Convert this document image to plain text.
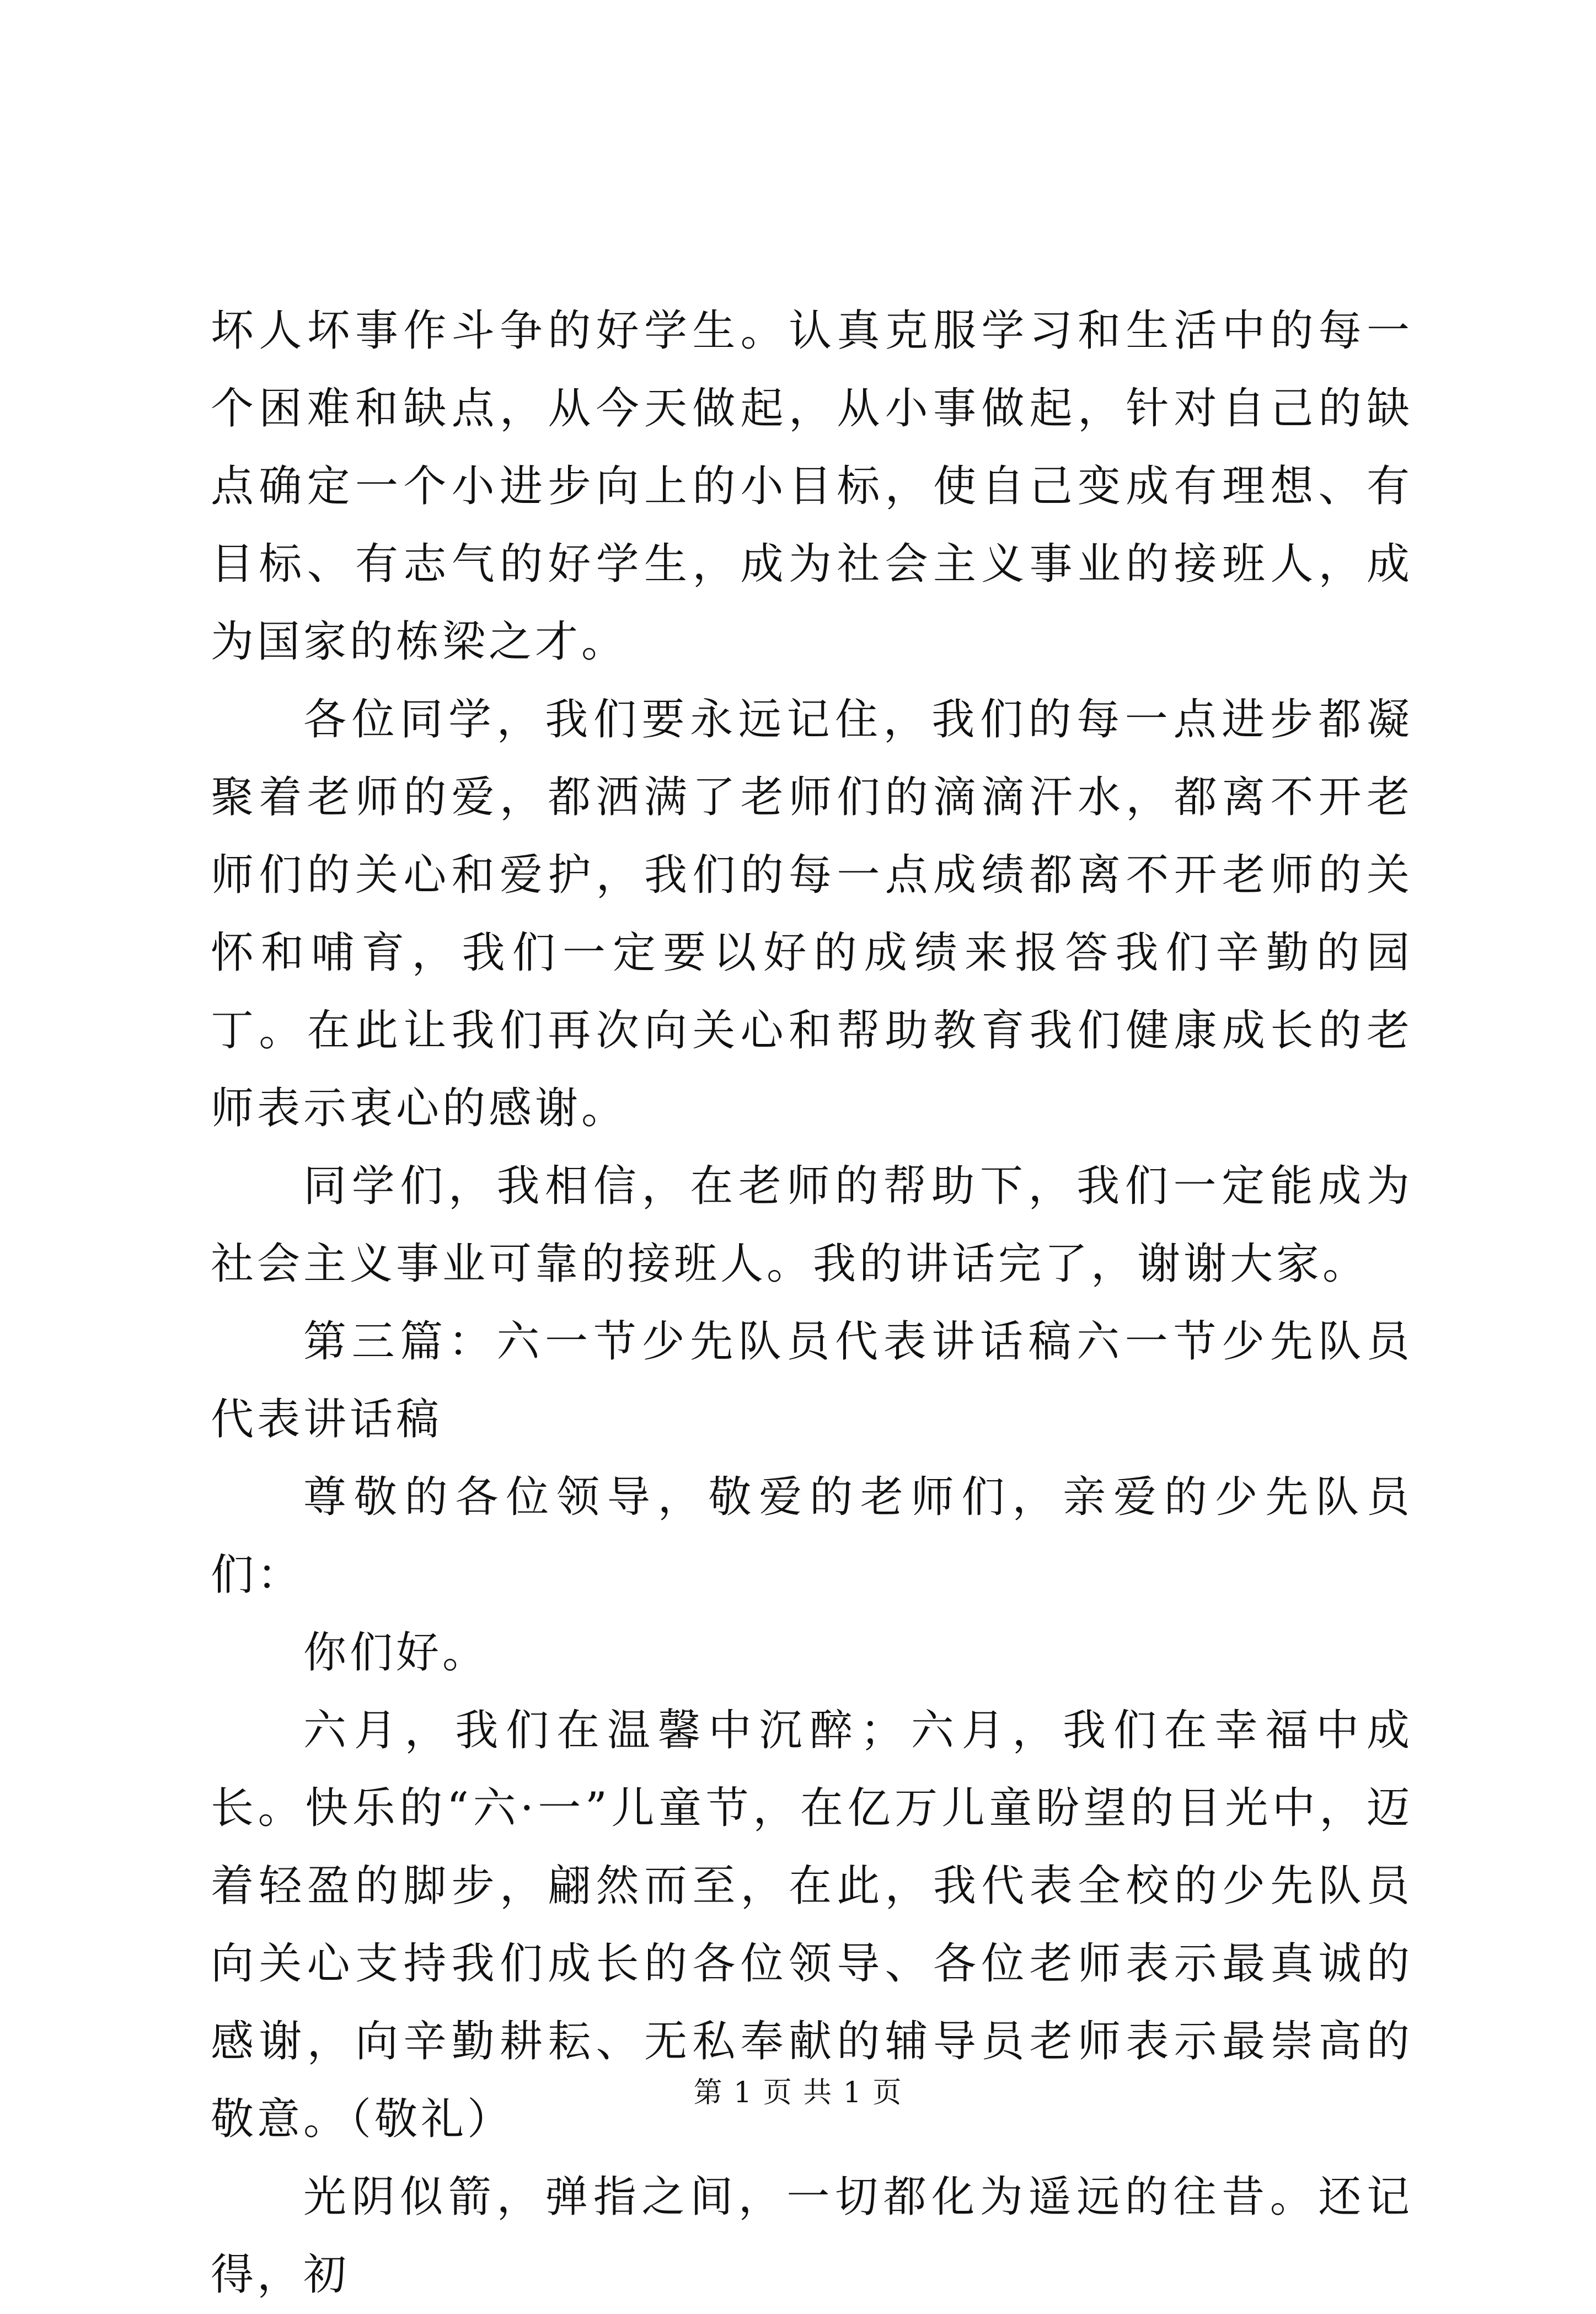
坏人坏事作斗争的好学生。认真克服学习和生活中的每一个困难和缺点，从今天做起，从小事做起，针对自己的缺点确定一个小进步向上的小目标，使自己变成有理想、有目标、有志气的好学生，成为社会主义事业的接班人，成为国家的栋梁之才。

各位同学，我们要永远记住，我们的每一点进步都凝聚着老师的爱，都洒满了老师们的滴滴汗水，都离不开老师们的关心和爱护，我们的每一点成绩都离不开老师的关怀和哺育，我们一定要以好的成绩来报答我们辛勤的园丁。在此让我们再次向关心和帮助教育我们健康成长的老师表示衷心的感谢。

同学们，我相信，在老师的帮助下，我们一定能成为社会主义事业可靠的接班人。我的讲话完了，谢谢大家。

第三篇：六一节少先队员代表讲话稿六一节少先队员代表讲话稿

尊敬的各位领导，敬爱的老师们，亲爱的少先队员们：

你们好。

六月，我们在温馨中沉醉；六月，我们在幸福中成长。快乐的“六·一”儿童节，在亿万儿童盼望的目光中，迈着轻盈的脚步，翩然而至，在此，我代表全校的少先队员向关心支持我们成长的各位领导、各位老师表示最真诚的感谢，向辛勤耕耘、无私奉献的辅导员老师表示最崇高的敬意。（敬礼）

光阴似箭，弹指之间，一切都化为遥远的往昔。还记得，初

第 1 页 共 1 页
